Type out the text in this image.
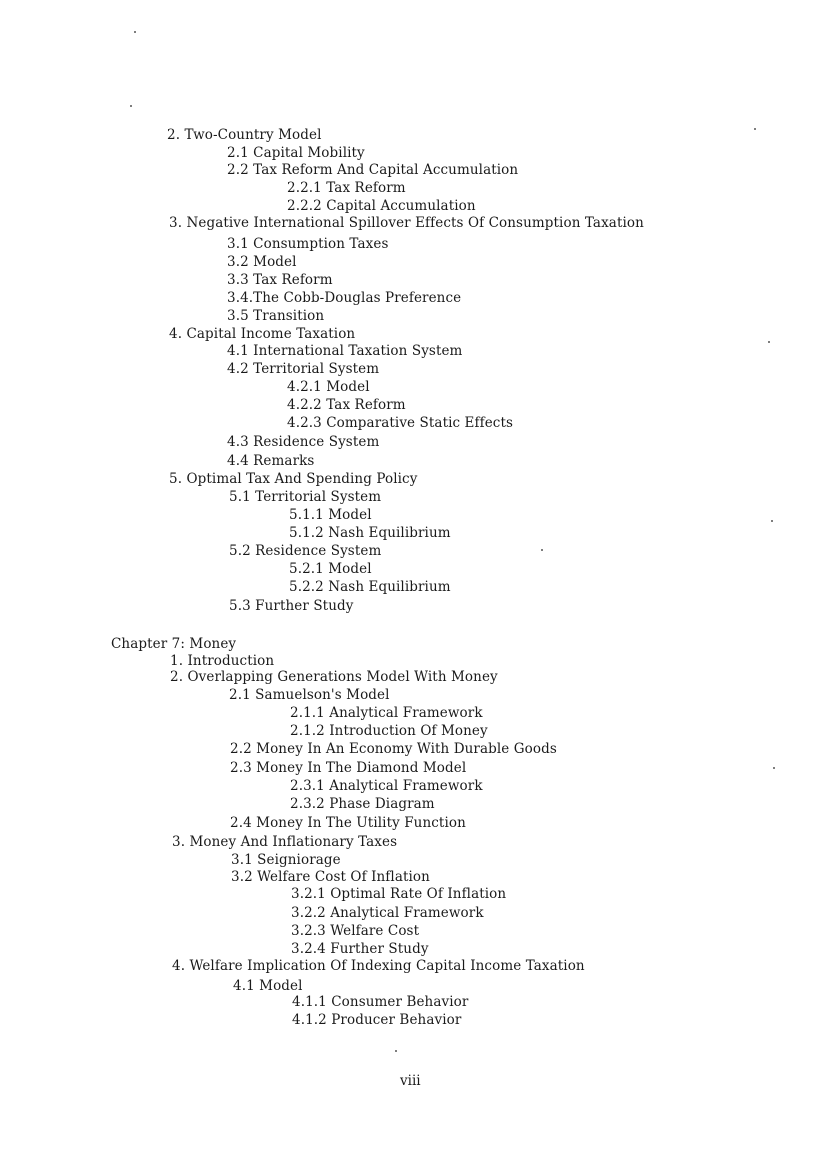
2. Two-Country Model

2.1 Capital Mobility

2.2 Tax Reform And Capital Accumulation

2.2.1 Tax Reform

2.2.2 Capital Accumulation

3. Negative International Spillover Effects Of Consumption Taxation

3.1 Consumption Taxes

3.2 Model

3.3 Tax Reform

3.4.The Cobb-Douglas Preference

3.5 Transition

4. Capital Income Taxation

4.1 International Taxation System

4.2 Territorial System

4.2.1 Model

4.2.2 Tax Reform

4.2.3 Comparative Static Effects

4.3 Residence System

4.4 Remarks

5. Optimal Tax And Spending Policy

5.1 Territorial System

5.1.1 Model

5.1.2 Nash Equilibrium

5.2 Residence System

5.2.1 Model

5.2.2 Nash Equilibrium

5.3 Further Study

Chapter 7: Money

1. Introduction

2. Overlapping Generations Model With Money

2.1 Samuelson's Model

2.1.1 Analytical Framework

2.1.2 Introduction Of Money

2.2 Money In An Economy With Durable Goods

2.3 Money In The Diamond Model

2.3.1 Analytical Framework

2.3.2 Phase Diagram

2.4 Money In The Utility Function

3. Money And Inflationary Taxes

3.1 Seigniorage

3.2 Welfare Cost Of Inflation

3.2.1 Optimal Rate Of Inflation

3.2.2 Analytical Framework

3.2.3 Welfare Cost

3.2.4 Further Study

4. Welfare Implication Of Indexing Capital Income Taxation

4.1 Model

4.1.1 Consumer Behavior

4.1.2 Producer Behavior

viii
